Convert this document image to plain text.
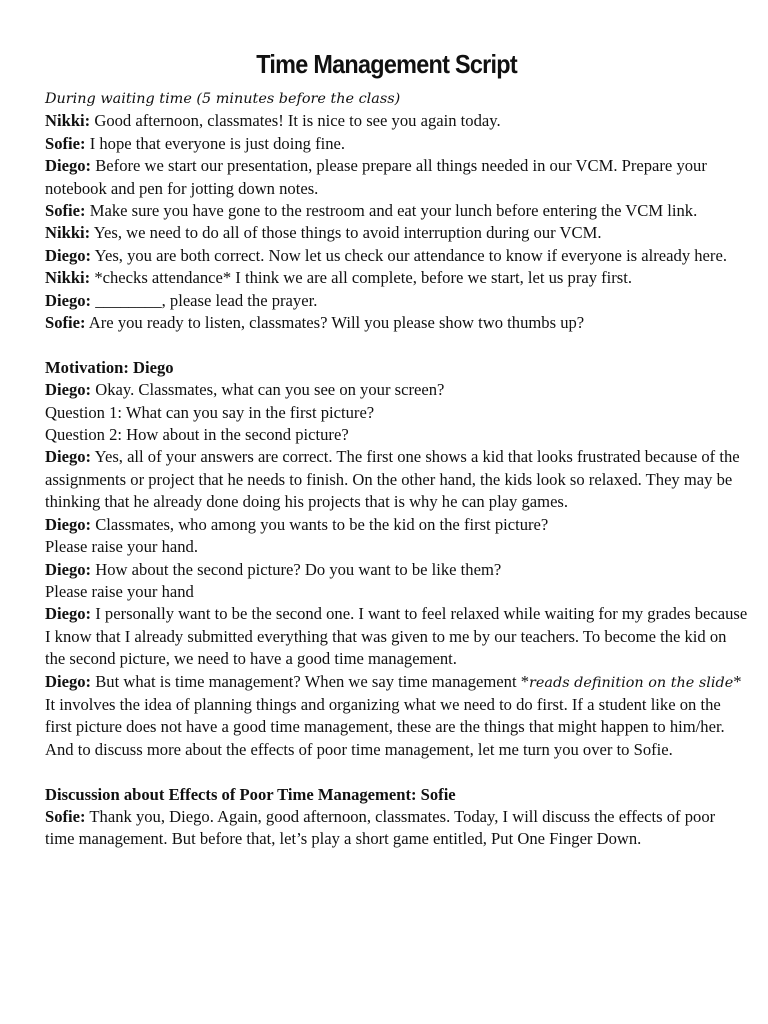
Time Management Script

During waiting time (5 minutes before the class)

Nikki: Good afternoon, classmates! It is nice to see you again today.

Sofie: I hope that everyone is just doing fine.

Diego: Before we start our presentation, please prepare all things needed in our VCM. Prepare your notebook and pen for jotting down notes.

Sofie: Make sure you have gone to the restroom and eat your lunch before entering the VCM link.

Nikki: Yes, we need to do all of those things to avoid interruption during our VCM.

Diego: Yes, you are both correct. Now let us check our attendance to know if everyone is already here.

Nikki: *checks attendance* I think we are all complete, before we start, let us pray first.

Diego: ________, please lead the prayer.

Sofie: Are you ready to listen, classmates? Will you please show two thumbs up?

Motivation: Diego

Diego: Okay. Classmates, what can you see on your screen?

Question 1: What can you say in the first picture?

Question 2: How about in the second picture?

Diego: Yes, all of your answers are correct. The first one shows a kid that looks frustrated because of the assignments or project that he needs to finish. On the other hand, the kids look so relaxed. They may be thinking that he already done doing his projects that is why he can play games.

Diego: Classmates, who among you wants to be the kid on the first picture?

Please raise your hand.

Diego: How about the second picture? Do you want to be like them?

Please raise your hand

Diego: I personally want to be the second one. I want to feel relaxed while waiting for my grades because I know that I already submitted everything that was given to me by our teachers. To become the kid on the second picture, we need to have a good time management.

Diego: But what is time management? When we say time management *reads definition on the slide* It involves the idea of planning things and organizing what we need to do first. If a student like on the first picture does not have a good time management, these are the things that might happen to him/her.

And to discuss more about the effects of poor time management, let me turn you over to Sofie.

Discussion about Effects of Poor Time Management: Sofie

Sofie: Thank you, Diego. Again, good afternoon, classmates. Today, I will discuss the effects of poor time management. But before that, let’s play a short game entitled, Put One Finger Down.
